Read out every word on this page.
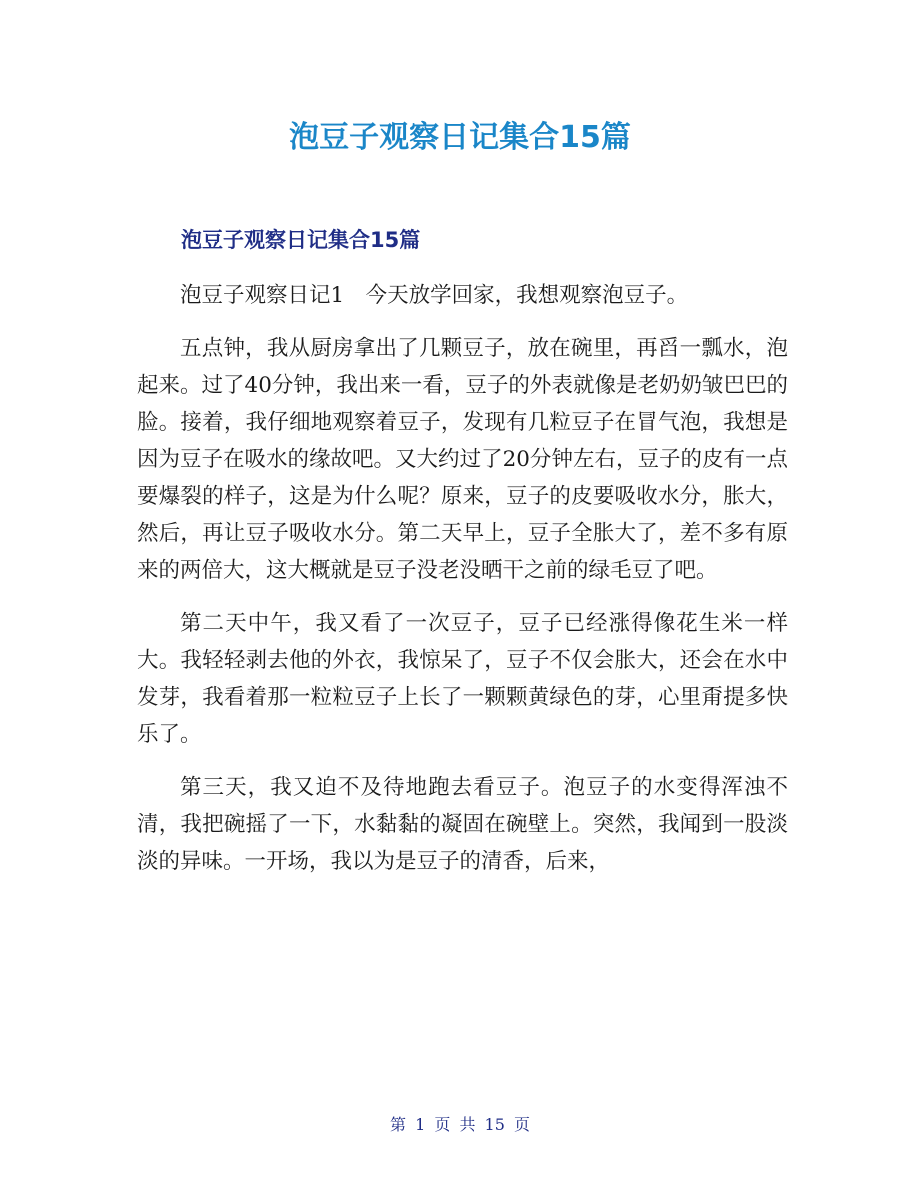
泡豆子观察日记集合15篇
泡豆子观察日记集合15篇

泡豆子观察日记1　今天放学回家，我想观察泡豆子。

五点钟，我从厨房拿出了几颗豆子，放在碗里，再舀一瓢水，泡起来。过了40分钟，我出来一看，豆子的外表就像是老奶奶皱巴巴的脸。接着，我仔细地观察着豆子，发现有几粒豆子在冒气泡，我想是因为豆子在吸水的缘故吧。又大约过了20分钟左右，豆子的皮有一点要爆裂的样子，这是为什么呢？原来，豆子的皮要吸收水分，胀大，然后，再让豆子吸收水分。第二天早上，豆子全胀大了，差不多有原来的两倍大，这大概就是豆子没老没晒干之前的绿毛豆了吧。

第二天中午，我又看了一次豆子，豆子已经涨得像花生米一样大。我轻轻剥去他的外衣，我惊呆了，豆子不仅会胀大，还会在水中发芽，我看着那一粒粒豆子上长了一颗颗黄绿色的芽，心里甭提多快乐了。

第三天，我又迫不及待地跑去看豆子。泡豆子的水变得浑浊不清，我把碗摇了一下，水黏黏的凝固在碗壁上。突然，我闻到一股淡淡的异味。一开场，我以为是豆子的清香，后来，

第 1 页 共 15 页
